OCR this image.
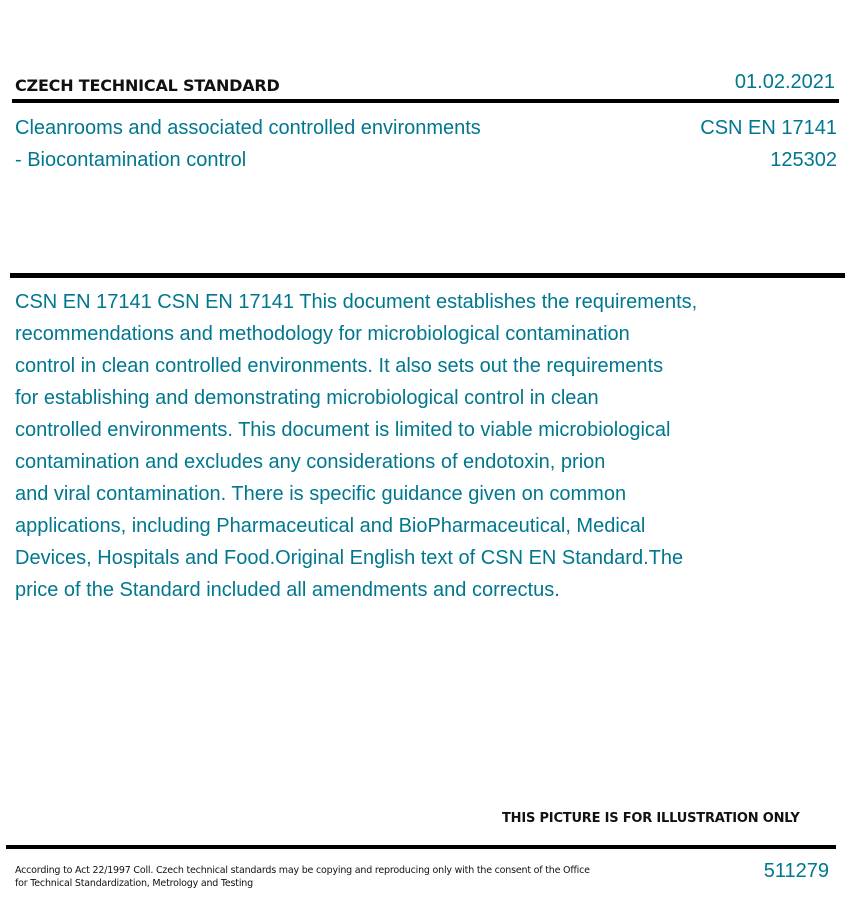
CZECH TECHNICAL STANDARD	01.02.2021
Cleanrooms and associated controlled environments
- Biocontamination control
CSN EN 17141
125302

CSN EN 17141 CSN EN 17141 This document establishes the requirements,

recommendations and methodology for microbiological contamination

control in clean controlled environments. It also sets out the requirements

for establishing and demonstrating microbiological control in clean

controlled environments. This document is limited to viable microbiological

contamination and excludes any considerations of endotoxin, prion

and viral contamination. There is specific guidance given on common

applications, including Pharmaceutical and BioPharmaceutical, Medical

Devices, Hospitals and Food.Original English text of CSN EN Standard.The

price of the Standard included all amendments and correctus.

THIS PICTURE IS FOR ILLUSTRATION ONLY
According to Act 22/1997 Coll. Czech technical standards may be copying and reproducing only with the consent of the Office
for Technical Standardization, Metrology and Testing
511279
